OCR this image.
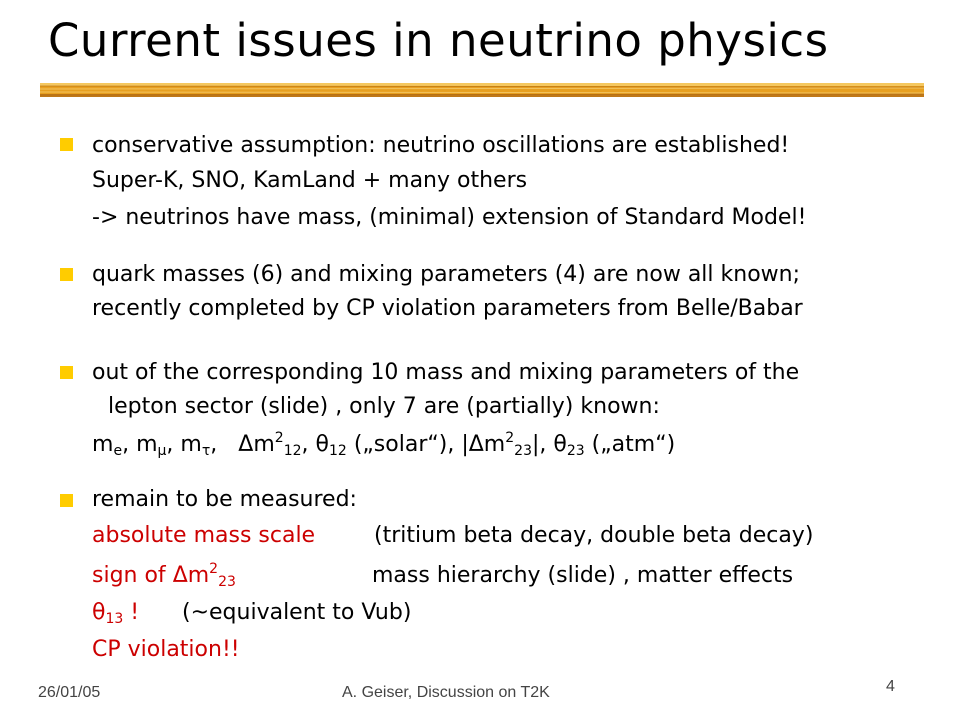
Current issues in neutrino physics
conservative assumption: neutrino oscillations are established!
Super-K, SNO, KamLand + many others
-> neutrinos have mass, (minimal) extension of Standard Model!
quark masses (6) and mixing parameters (4) are now all known;
recently completed by CP violation parameters from Belle/Babar
out of the corresponding 10 mass and mixing parameters of the
lepton sector (slide) , only 7 are (partially) known:
$m_e$, $m_\mu$, $m_\tau$,   $\Delta m^2_{12}$, $\theta_{12}$ („solar“), $|\Delta m^2_{23}|$, $\theta_{23}$ („atm“)
remain to be measured:
absolute mass scale	(tritium beta decay, double beta decay)
sign of $\Delta m^2_{23}$	mass hierarchy (slide) , matter effects
$\theta_{13}$ ! (~equivalent to Vub)
CP violation!!
26/01/05	A. Geiser, Discussion on T2K	4
